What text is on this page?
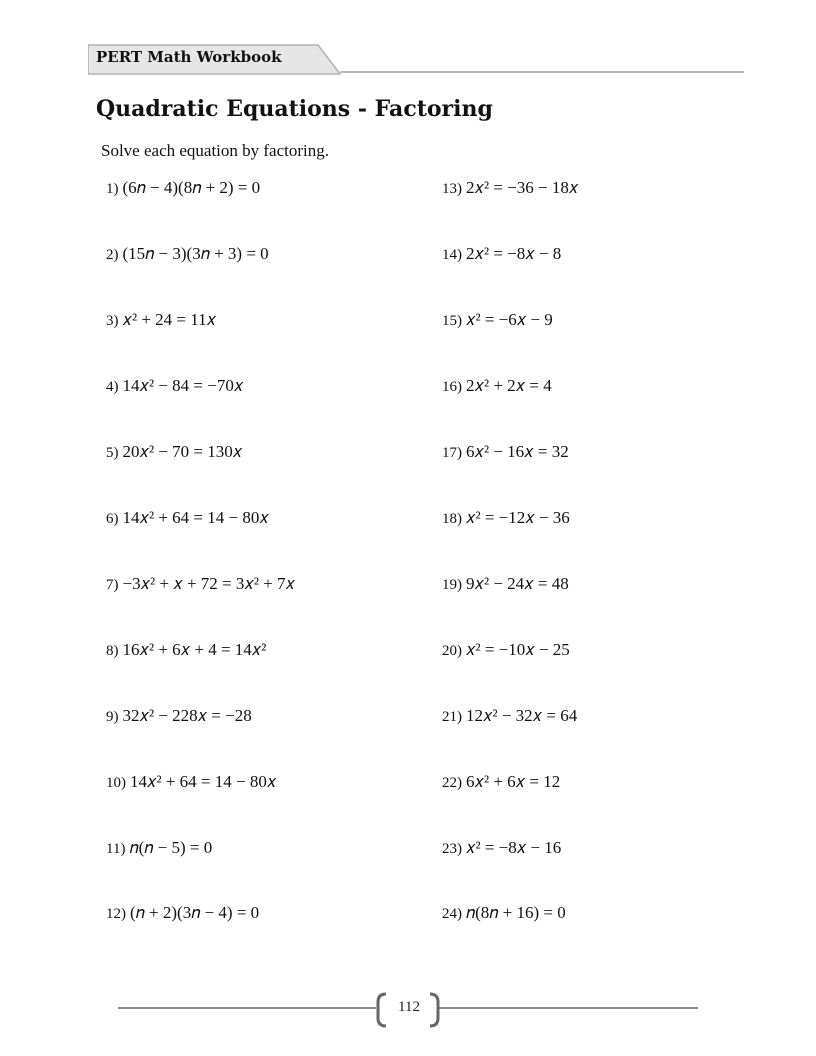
PERT Math Workbook
Quadratic Equations - Factoring
Solve each equation by factoring.
1) (6𝑛 − 4)(8𝑛 + 2) = 0
2) (15𝑛 − 3)(3𝑛 + 3) = 0
3) 𝑥² + 24 = 11𝑥
4) 14𝑥² − 84 = −70𝑥
5) 20𝑥² − 70 = 130𝑥
6) 14𝑥² + 64 = 14 − 80𝑥
7) −3𝑥² + 𝑥 + 72 = 3𝑥² + 7𝑥
8) 16𝑥² + 6𝑥 + 4 = 14𝑥²
9) 32𝑥² − 228𝑥 = −28
10) 14𝑥² + 64 = 14 − 80𝑥
11) 𝑛(𝑛 − 5) = 0
12) (𝑛 + 2)(3𝑛 − 4) = 0
13) 2𝑥² = −36 − 18𝑥
14) 2𝑥² = −8𝑥 − 8
15) 𝑥² = −6𝑥 − 9
16) 2𝑥² + 2𝑥 = 4
17) 6𝑥² − 16𝑥 = 32
18) 𝑥² = −12𝑥 − 36
19) 9𝑥² − 24𝑥 = 48
20) 𝑥² = −10𝑥 − 25
21) 12𝑥² − 32𝑥 = 64
22) 6𝑥² + 6𝑥 = 12
23) 𝑥² = −8𝑥 − 16
24) 𝑛(8𝑛 + 16) = 0
112
